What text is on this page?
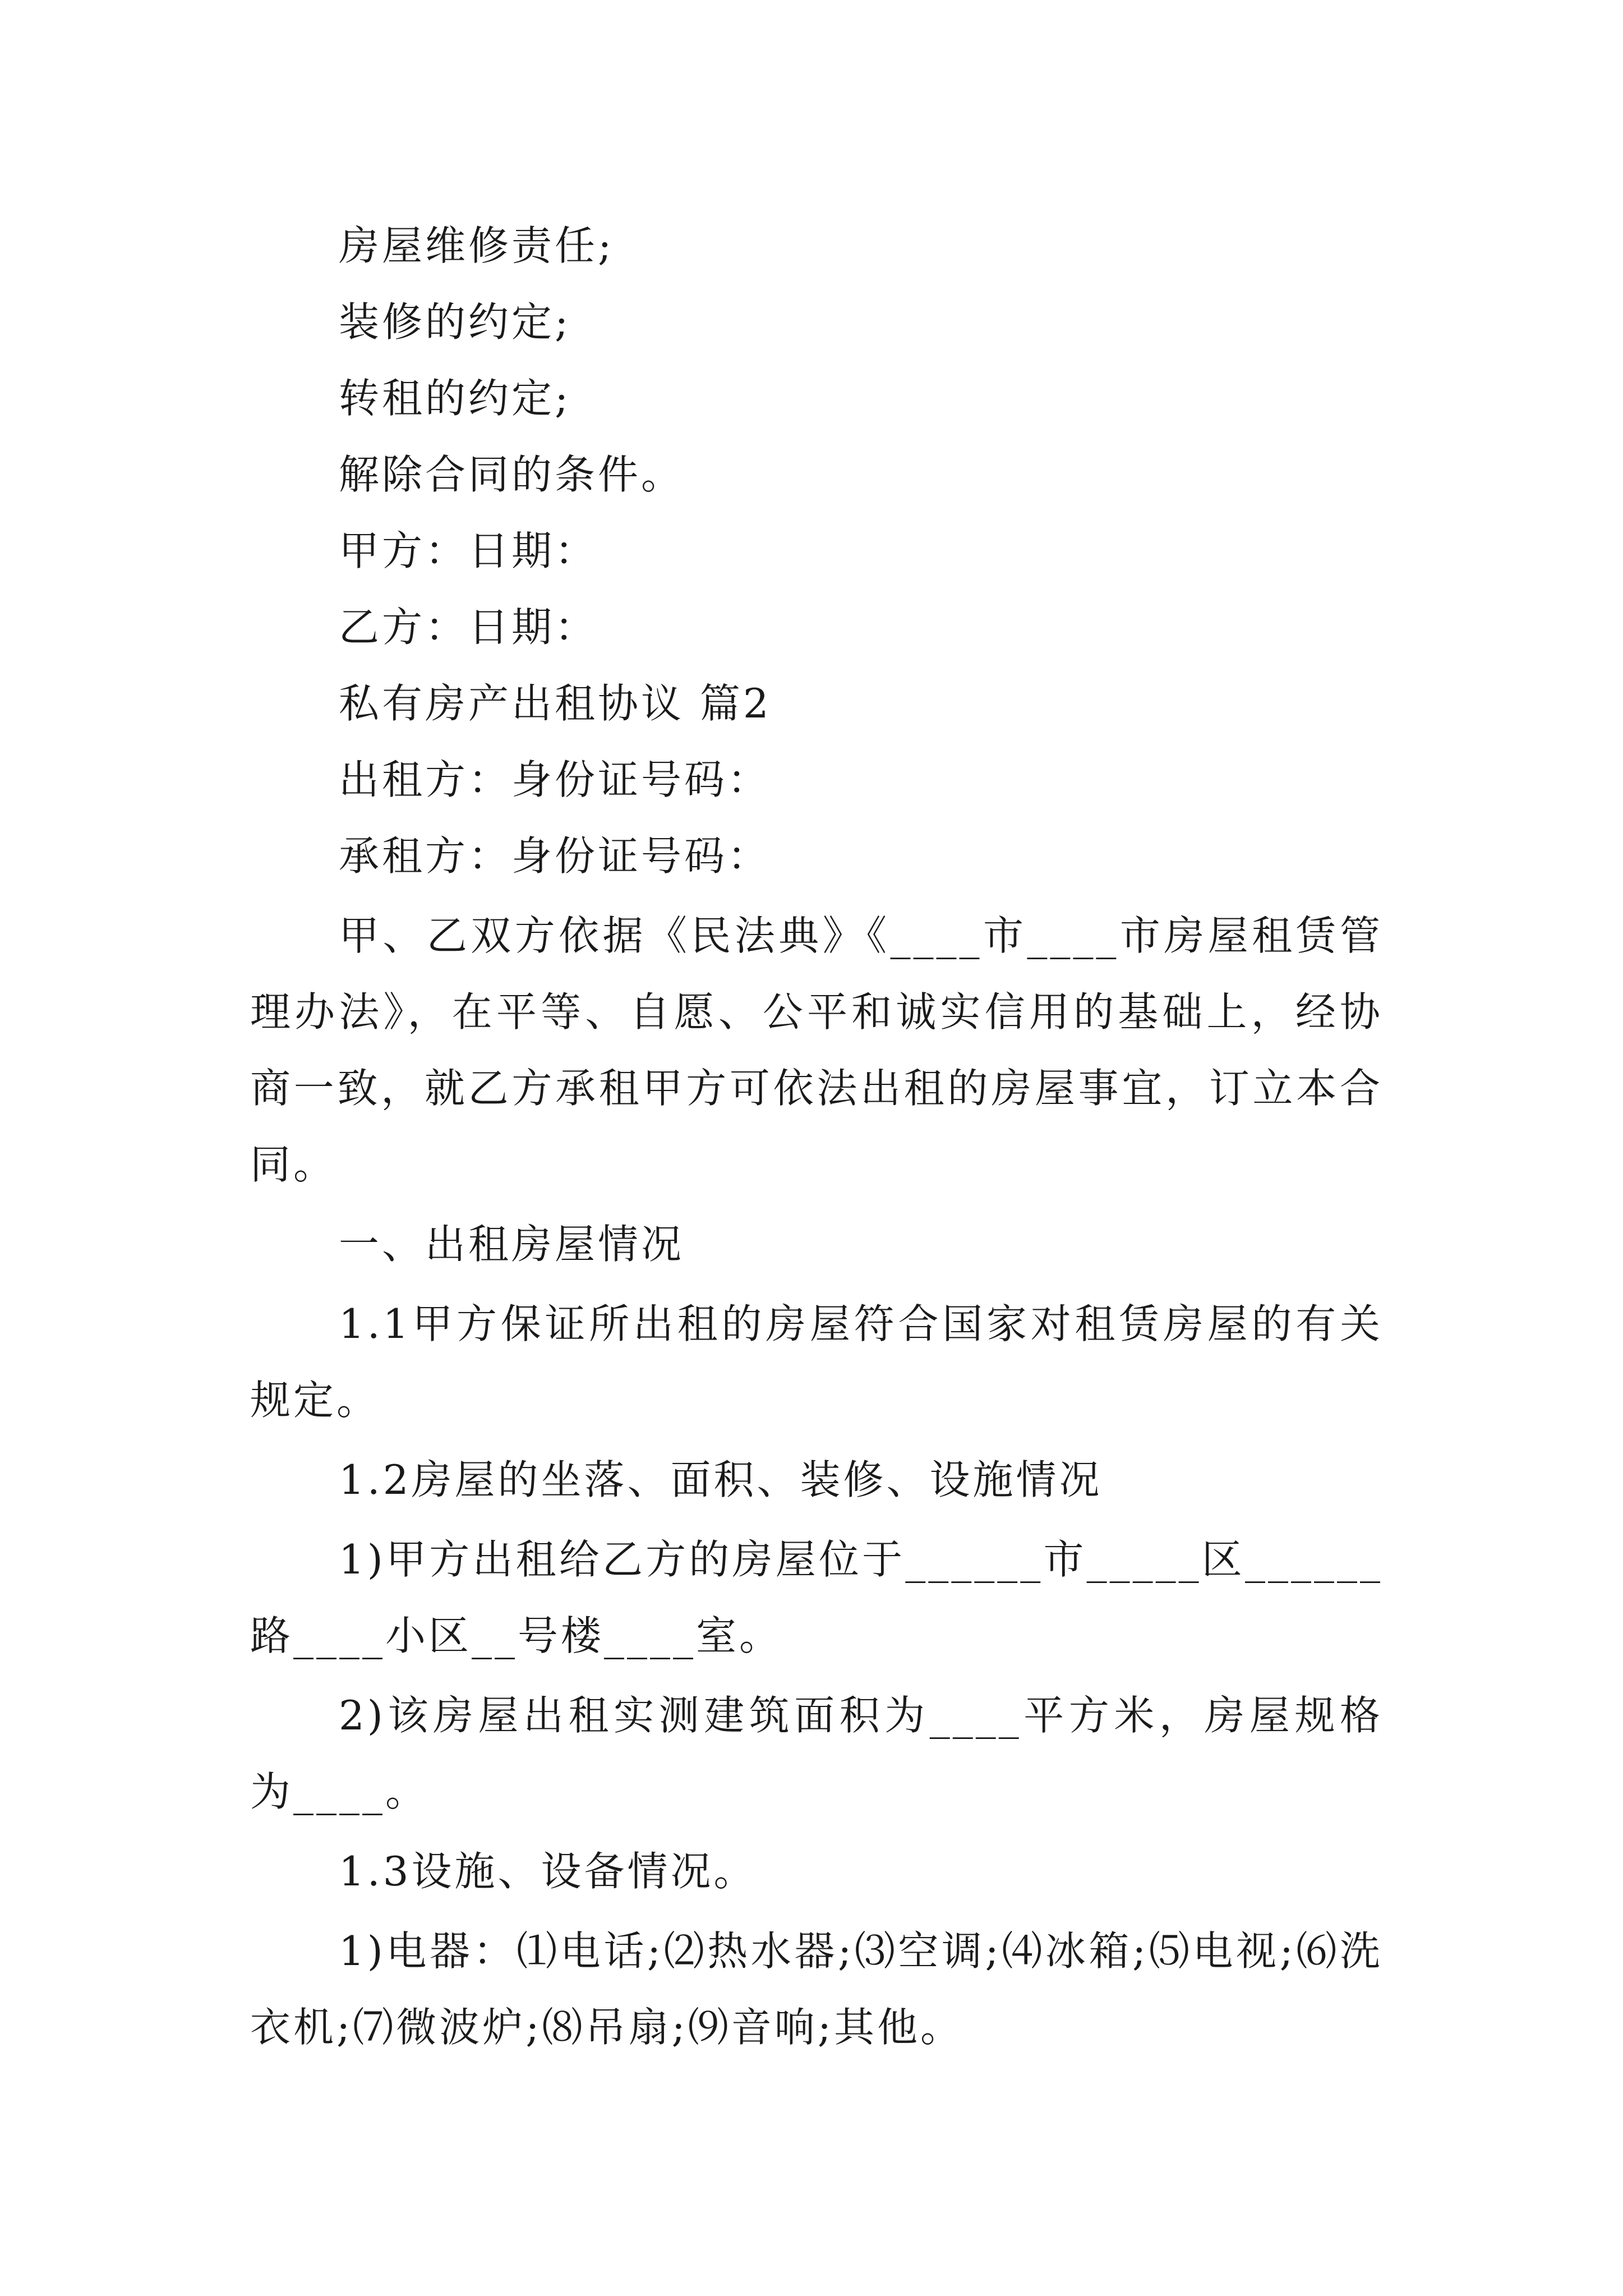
房屋维修责任;

装修的约定;

转租的约定;

解除合同的条件。

甲方：日期：

乙方：日期：

私有房产出租协议 篇2

出租方：身份证号码：

承租方：身份证号码：

甲、乙双方依据《民法典》《____市____市房屋租赁管理办法》，在平等、自愿、公平和诚实信用的基础上，经协商一致，就乙方承租甲方可依法出租的房屋事宜，订立本合同。

一、出租房屋情况

1.1甲方保证所出租的房屋符合国家对租赁房屋的有关规定。

1.2房屋的坐落、面积、装修、设施情况

1)甲方出租给乙方的房屋位于______市_____区______路____小区__号楼____室。

2)该房屋出租实测建筑面积为____平方米，房屋规格为____。

1.3设施、设备情况。

1)电器：⑴电话;⑵热水器;⑶空调;⑷冰箱;⑸电视;⑹洗衣机;⑺微波炉;⑻吊扇;⑼音响;其他。
